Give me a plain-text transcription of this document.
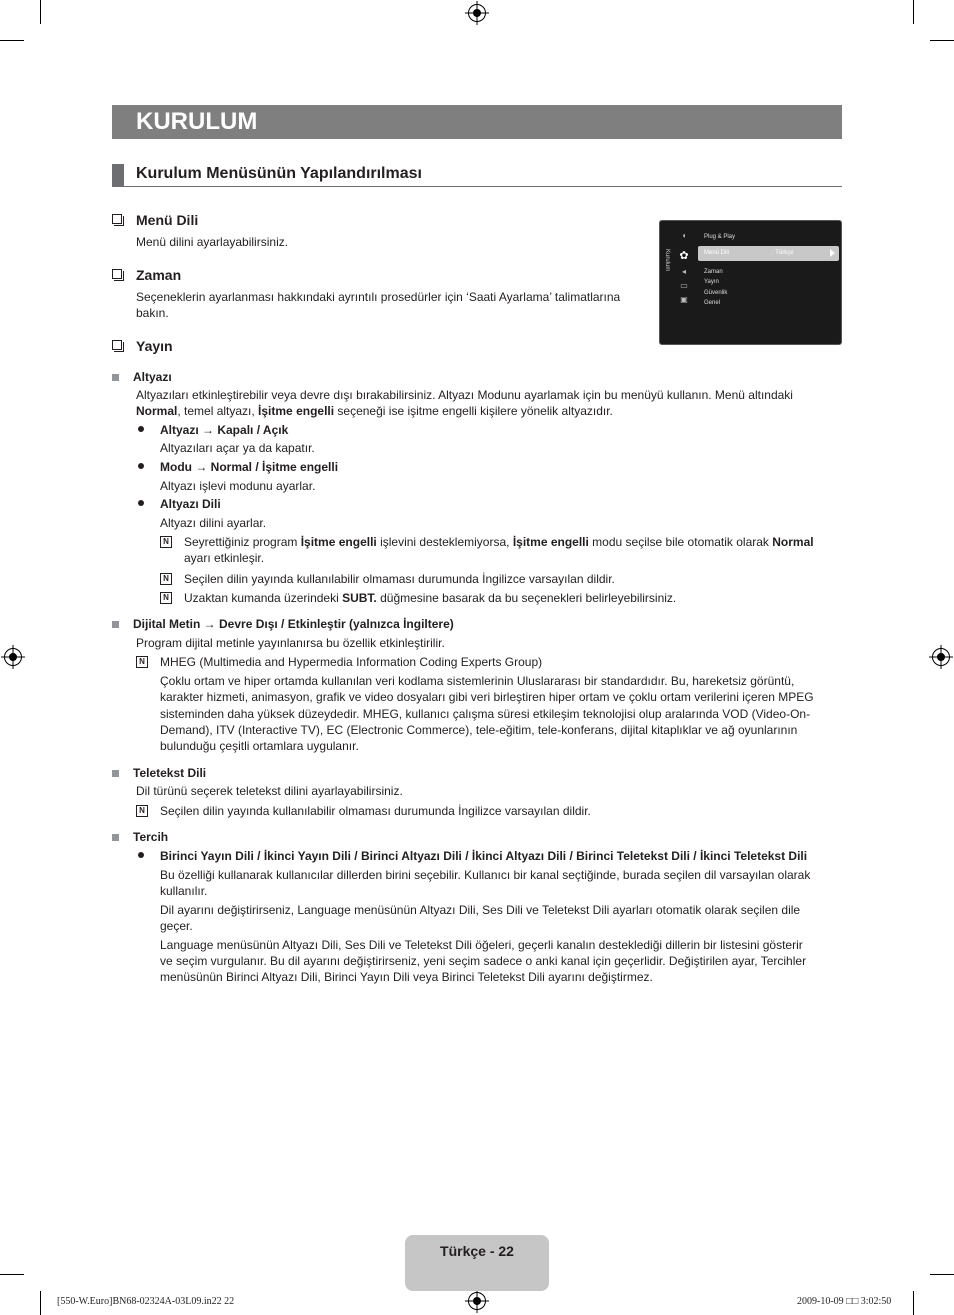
KURULUM
Kurulum Menüsünün Yapılandırılması
Menü Dili
Menü dilini ayarlayabilirsiniz.
Zaman
Seçeneklerin ayarlanması hakkındaki ayrıntılı prosedürler için ‘Saati Ayarlama’ talimatlarına
bakın.
Yayın
Kurulum
◖
✿
◂
▭
▣
Plug & Play
Menü Dili	: Türkçe
Zaman
Yayın
Güvenlik
Genel
Altyazı
Altyazıları etkinleştirebilir veya devre dışı bırakabilirsiniz. Altyazı Modunu ayarlamak için bu menüyü kullanın. Menü altındaki
Normal, temel altyazı, İşitme engelli seçeneği ise işitme engelli kişilere yönelik altyazıdır.
Altyazı → Kapalı / Açık
Altyazıları açar ya da kapatır.
Modu → Normal / İşitme engelli
Altyazı işlevi modunu ayarlar.
Altyazı Dili
Altyazı dilini ayarlar.
N Seyrettiğiniz program İşitme engelli işlevini desteklemiyorsa, İşitme engelli modu seçilse bile otomatik olarak Normal
ayarı etkinleşir.
N Seçilen dilin yayında kullanılabilir olmaması durumunda İngilizce varsayılan dildir.
N Uzaktan kumanda üzerindeki SUBT. düğmesine basarak da bu seçenekleri belirleyebilirsiniz.
Dijital Metin → Devre Dışı / Etkinleştir (yalnızca İngiltere)
Program dijital metinle yayınlanırsa bu özellik etkinleştirilir.
N MHEG (Multimedia and Hypermedia Information Coding Experts Group)
Çoklu ortam ve hiper ortamda kullanılan veri kodlama sistemlerinin Uluslararası bir standardıdır. Bu, hareketsiz görüntü,
karakter hizmeti, animasyon, grafik ve video dosyaları gibi veri birleştiren hiper ortam ve çoklu ortam verilerini içeren MPEG
sisteminden daha yüksek düzeydedir. MHEG, kullanıcı çalışma süresi etkileşim teknolojisi olup aralarında VOD (Video-On-
Demand), ITV (Interactive TV), EC (Electronic Commerce), tele-eğitim, tele-konferans, dijital kitaplıklar ve ağ oyunlarının
bulunduğu çeşitli ortamlara uygulanır.
Teletekst Dili
Dil türünü seçerek teletekst dilini ayarlayabilirsiniz.
N Seçilen dilin yayında kullanılabilir olmaması durumunda İngilizce varsayılan dildir.
Tercih
Birinci Yayın Dili / İkinci Yayın Dili / Birinci Altyazı Dili / İkinci Altyazı Dili / Birinci Teletekst Dili / İkinci Teletekst Dili
Bu özelliği kullanarak kullanıcılar dillerden birini seçebilir. Kullanıcı bir kanal seçtiğinde, burada seçilen dil varsayılan olarak
kullanılır.
Dil ayarını değiştirirseniz, Language menüsünün Altyazı Dili, Ses Dili ve Teletekst Dili ayarları otomatik olarak seçilen dile
geçer.
Language menüsünün Altyazı Dili, Ses Dili ve Teletekst Dili öğeleri, geçerli kanalın desteklediği dillerin bir listesini gösterir
ve seçim vurgulanır. Bu dil ayarını değiştirirseniz, yeni seçim sadece o anki kanal için geçerlidir. Değiştirilen ayar, Tercihler
menüsünün Birinci Altyazı Dili, Birinci Yayın Dili veya Birinci Teletekst Dili ayarını değiştirmez.
Türkçe - 22
[550-W.Euro]BN68-02324A-03L09.in22 22	2009-10-09 □□ 3:02:50
